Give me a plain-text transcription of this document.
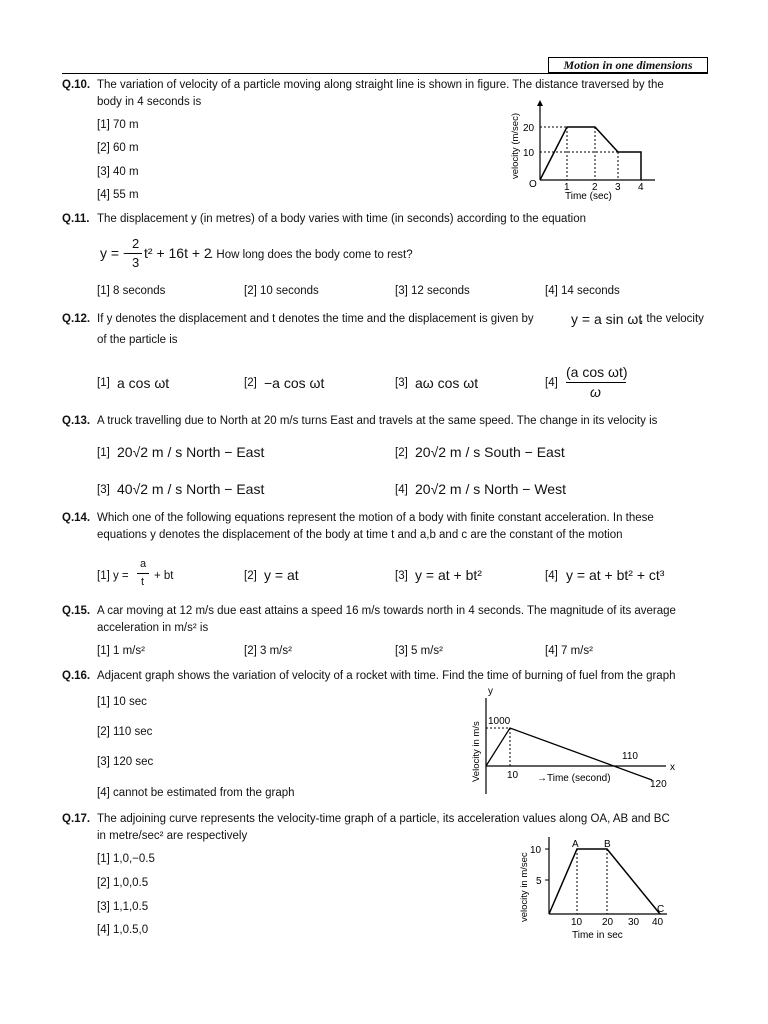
Motion in one dimensions
Q.10. The variation of velocity of a particle moving along straight line is shown in figure. The distance traversed by the
body in 4 seconds is
[1] 70 m
[2] 60 m
[3] 40 m
[4] 55 m
20
10
O	1 2 3 4
Time (sec)
velocity (m/sec)
Q.11. The displacement y (in metres) of a body varies with time (in seconds) according to the equation
y = −
2
3
t² + 16t + 2
. How long does the body come to rest?
[1] 8 seconds	[2] 10 seconds	[3] 12 seconds	[4] 14 seconds
Q.12. If y denotes the displacement and t denotes the time and the displacement is given by	y = a sin ωt
, the velocity
of the particle is
[1] a cos ωt	[2] −a cos ωt	[3] aω cos ωt	[4]
(a cos ωt)
ω
Q.13. A truck travelling due to North at 20 m/s turns East and travels at the same speed. The change in its velocity is
[1] 20√2 m / s North − East	[2] 20√2 m / s South − East
[3] 40√2 m / s North − East	[4] 20√2 m / s North − West
Q.14. Which one of the following equations represent the motion of a body with finite constant acceleration. In these
equations y denotes the displacement of the body at time t and a,b and c are the constant of the motion
[1] y =
a
t + bt	[2] y = at	[3] y = at + bt²	[4] y = at + bt² + ct³
Q.15. A car moving at 12 m/s due east attains a speed 16 m/s towards north in 4 seconds. The magnitude of its average
acceleration in m/s² is
[1] 1 m/s²	[2] 3 m/s²	[3] 5 m/s²	[4] 7 m/s²
Q.16. Adjacent graph shows the variation of velocity of a rocket with time. Find the time of burning of fuel from the graph
[1] 10 sec
[2] 110 sec
[3] 120 sec
[4] cannot be estimated from the graph
y
x
1000
10
110
120
→Time (second)
Velocity in m/s
Q.17. The adjoining curve represents the velocity-time graph of a particle, its acceleration values along OA, AB and BC
in metre/sec² are respectively
[1] 1,0,−0.5
[2] 1,0,0.5
[3] 1,1,0.5
[4] 1,0.5,0
10
5
A	B
C
10 20 30 40
Time in sec
velocity in m/sec
